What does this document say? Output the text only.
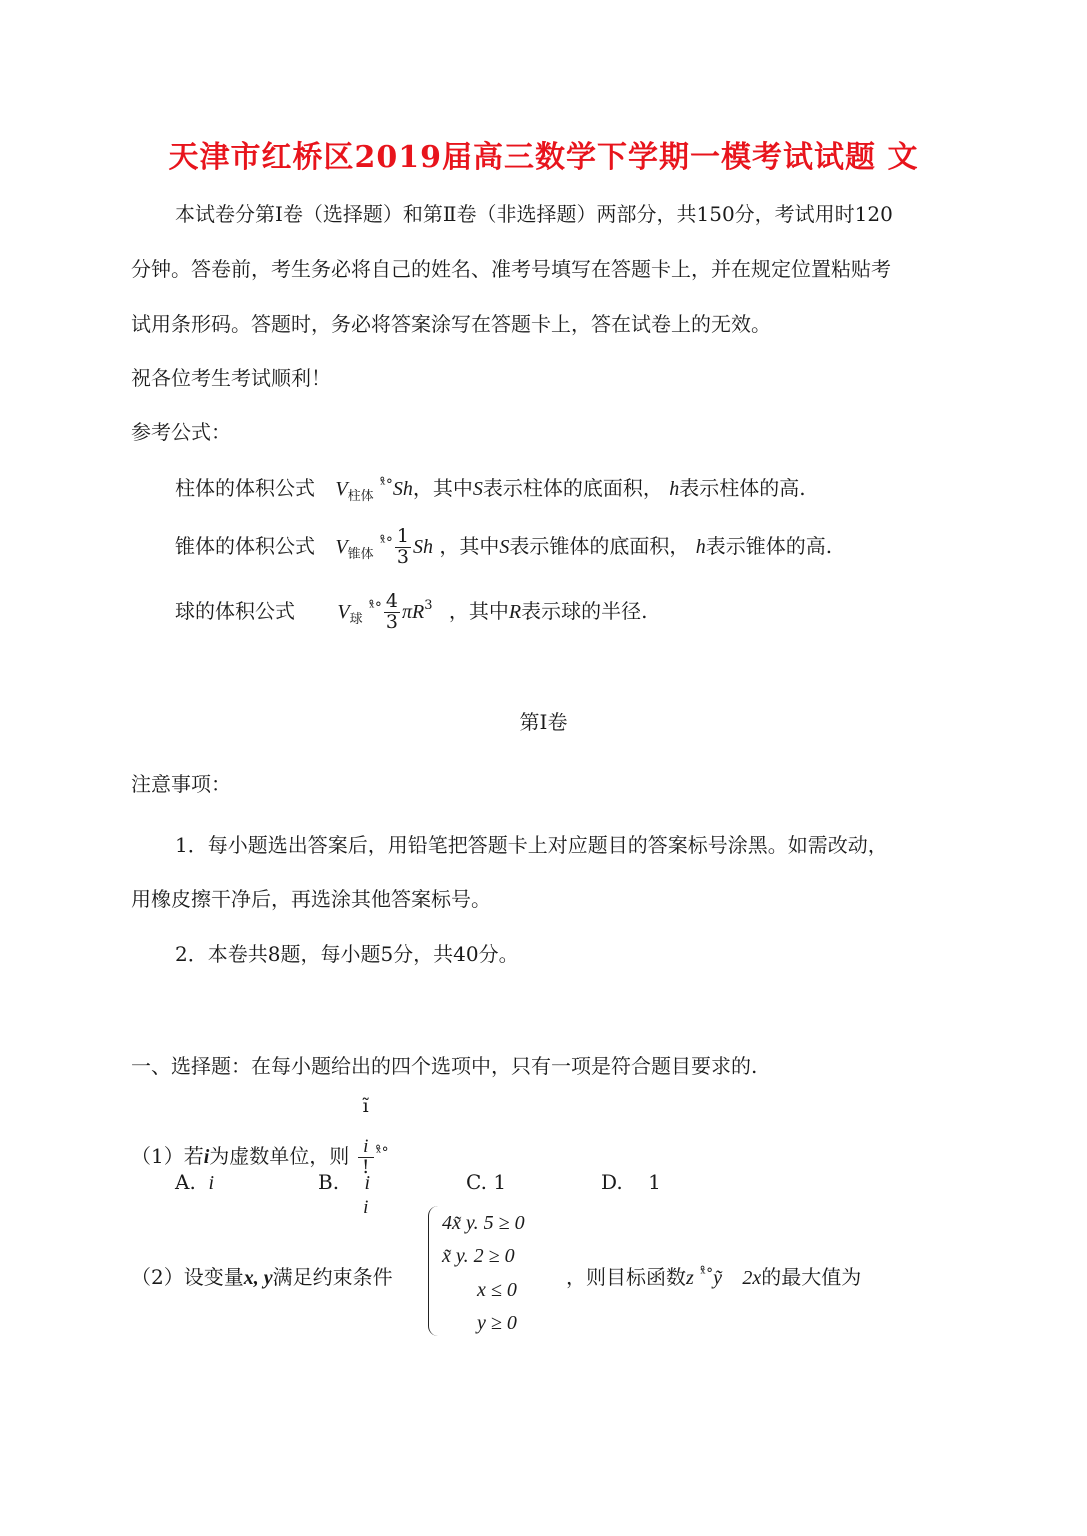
天津市红桥区2019届高三数学下学期一模考试试题 文
本试卷分第Ⅰ卷（选择题）和第Ⅱ卷（非选择题）两部分，共150分，考试用时120
分钟。答卷前，考生务必将自己的姓名、准考号填写在答题卡上，并在规定位置粘贴考
试用条形码。答题时，务必将答案涂写在答题卡上，答在试卷上的无效。
祝各位考生考试顺利！
参考公式：
柱体的体积公式 $V_{柱体}$ $^{ˣ̊^\circ}$Sh，其中S表示柱体的底面积， h表示柱体的高.
锥体的体积公式 $V_{锥体}$ $^{ˣ̊^\circ} \frac{1}{3}$ Sh ，其中S表示锥体的底面积， h表示锥体的高.
球的体积公式 $V_球$ $^{ˣ̊^\circ} \frac{4}{3} \pi R^3$ ，其中R表示球的半径.
第Ⅰ卷
注意事项：
1．每小题选出答案后，用铅笔把答题卡上对应题目的答案标号涂黑。如需改动，
用橡皮擦干净后，再选涂其他答案标号。
2．本卷共8题，每小题5分，共40分。
一、选择题：在每小题给出的四个选项中，只有一项是符合题目要求的.
（1）若i为虚数单位，则 ĩ

i
!

i $^{ˣ̊^\circ}$
A. i	B. i	C. 1	D. 1
（2）设变量x, y满足约束条件
4x̃ y. 5 ≥ 0
x̃ y. 2 ≥ 0
x ≤ 0
y ≥ 0
，则目标函数z $^{ˣ̊^\circ}$ỹ 2x的最大值为
